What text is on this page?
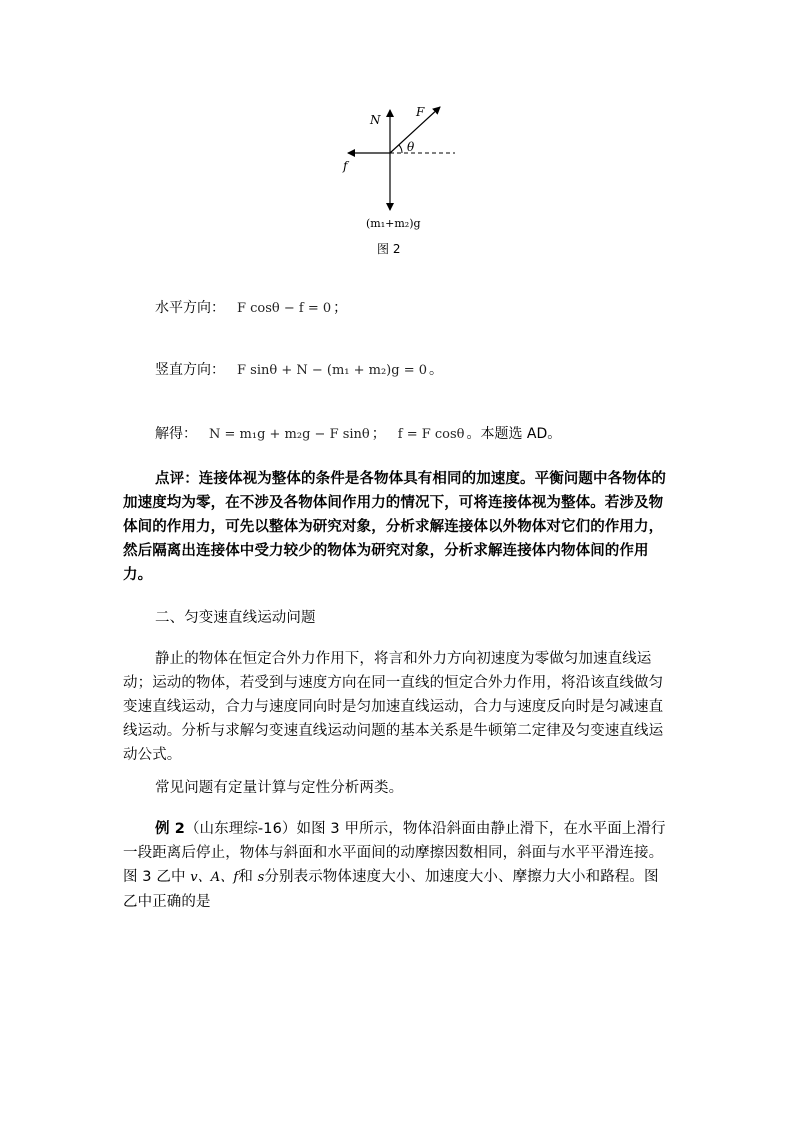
N
F
θ
f
(m₁+m₂)g
图 2
水平方向： F cosθ − f = 0 ；
竖直方向： F sinθ + N − (m₁ + m₂)g = 0 。
解得： N = m₁g + m₂g − F sinθ ； f = F cosθ 。本题选 AD。

点评：连接体视为整体的条件是各物体具有相同的加速度。平衡问题中各物体的加速度均为零，在不涉及各物体间作用力的情况下，可将连接体视为整体。若涉及物体间的作用力，可先以整体为研究对象，分析求解连接体以外物体对它们的作用力，然后隔离出连接体中受力较少的物体为研究对象，分析求解连接体内物体间的作用力。

二、匀变速直线运动问题

静止的物体在恒定合外力作用下，将言和外力方向初速度为零做匀加速直线运动；运动的物体，若受到与速度方向在同一直线的恒定合外力作用，将沿该直线做匀变速直线运动，合力与速度同向时是匀加速直线运动，合力与速度反向时是匀减速直线运动。分析与求解匀变速直线运动问题的基本关系是牛顿第二定律及匀变速直线运动公式。

常见问题有定量计算与定性分析两类。

例 2（山东理综-16）如图 3 甲所示，物体沿斜面由静止滑下，在水平面上滑行一段距离后停止，物体与斜面和水平面间的动摩擦因数相同，斜面与水平平滑连接。图 3 乙中 v、A、f和 s分别表示物体速度大小、加速度大小、摩擦力大小和路程。图乙中正确的是
